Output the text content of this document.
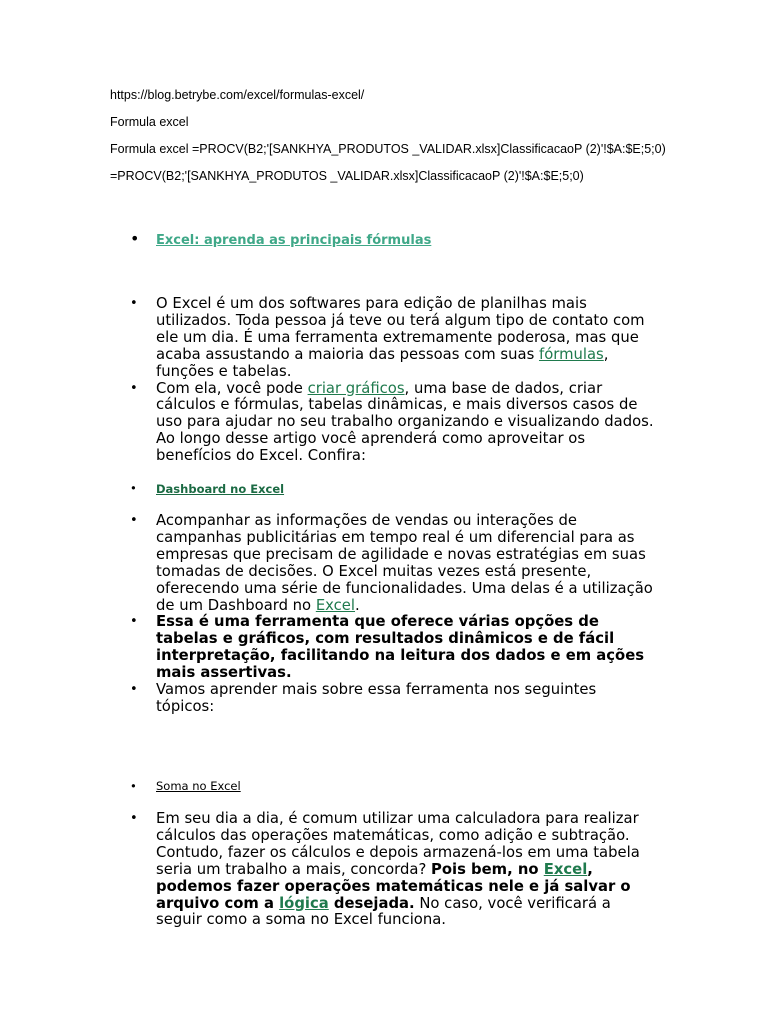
https://blog.betrybe.com/excel/formulas-excel/
Formula excel
Formula excel =PROCV(B2;'[SANKHYA_PRODUTOS _VALIDAR.xlsx]ClassificacaoP (2)'!$A:$E;5;0)
=PROCV(B2;'[SANKHYA_PRODUTOS _VALIDAR.xlsx]ClassificacaoP (2)'!$A:$E;5;0)
• Excel: aprenda as principais fórmulas
• O Excel é um dos softwares para edição de planilhas mais utilizados. Toda pessoa já teve ou terá algum tipo de contato com ele um dia. É uma ferramenta extremamente poderosa, mas que acaba assustando a maioria das pessoas com suas fórmulas, funções e tabelas.
• Com ela, você pode criar gráficos, uma base de dados, criar cálculos e fórmulas, tabelas dinâmicas, e mais diversos casos de uso para ajudar no seu trabalho organizando e visualizando dados. Ao longo desse artigo você aprenderá como aproveitar os benefícios do Excel. Confira:
• Dashboard no Excel
• Acompanhar as informações de vendas ou interações de campanhas publicitárias em tempo real é um diferencial para as empresas que precisam de agilidade e novas estratégias em suas tomadas de decisões. O Excel muitas vezes está presente, oferecendo uma série de funcionalidades. Uma delas é a utilização de um Dashboard no Excel.
• Essa é uma ferramenta que oferece várias opções de tabelas e gráficos, com resultados dinâmicos e de fácil interpretação, facilitando na leitura dos dados e em ações mais assertivas.
• Vamos aprender mais sobre essa ferramenta nos seguintes tópicos:
• Soma no Excel
• Em seu dia a dia, é comum utilizar uma calculadora para realizar cálculos das operações matemáticas, como adição e subtração. Contudo, fazer os cálculos e depois armazená-los em uma tabela seria um trabalho a mais, concorda? Pois bem, no Excel, podemos fazer operações matemáticas nele e já salvar o arquivo com a lógica desejada. No caso, você verificará a seguir como a soma no Excel funciona.
